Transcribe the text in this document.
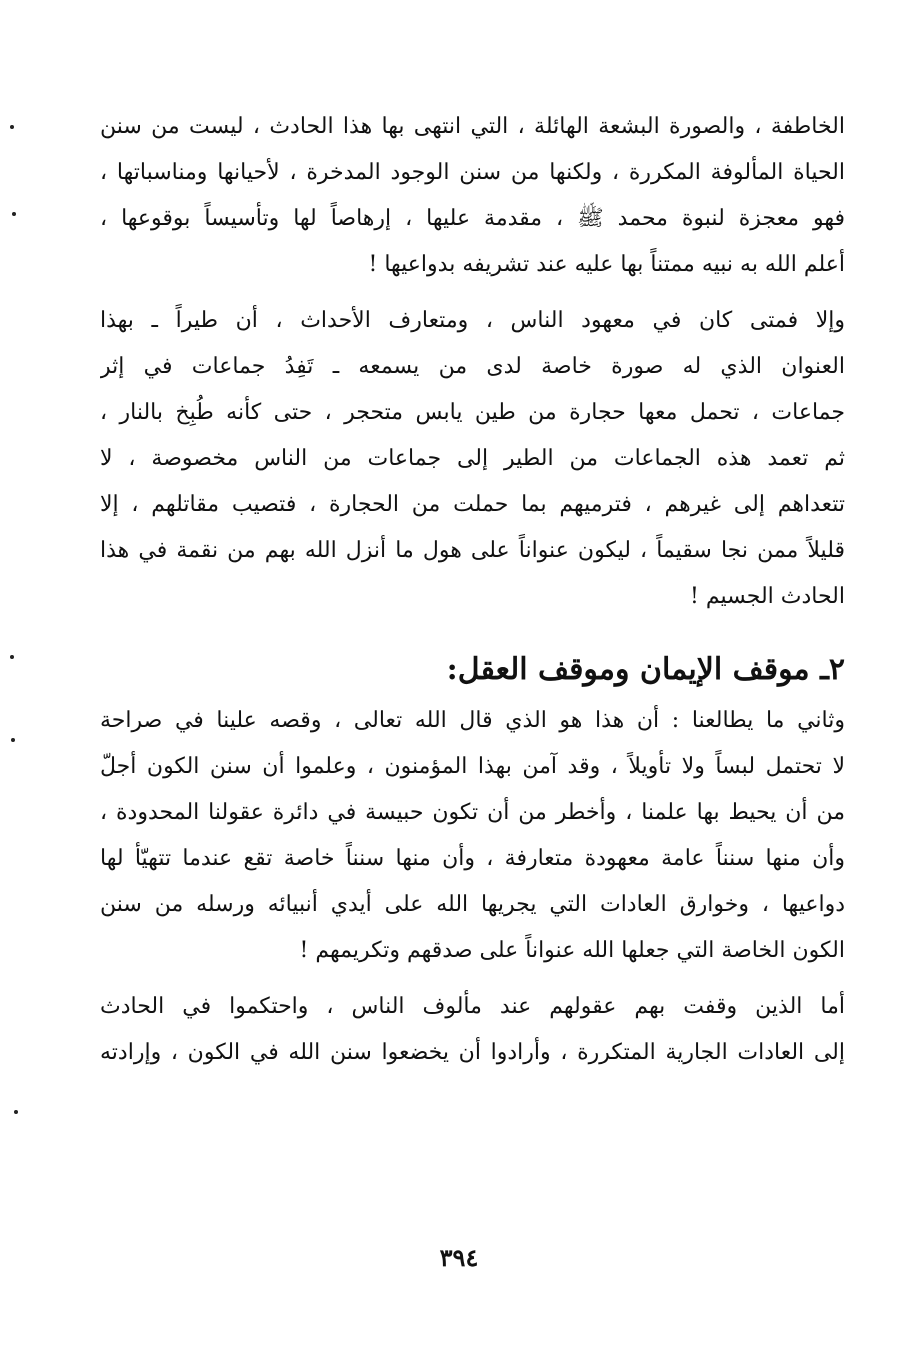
الخاطفة ، والصورة البشعة الهائلة ، التي انتهى بها هذا الحادث ، ليست من سنن
الحياة المألوفة المكررة ، ولكنها من سنن الوجود المدخرة ، لأحيانها ومناسباتها ،
فهو معجزة لنبوة محمد ﷺ ، مقدمة عليها ، إرهاصاً لها وتأسيساً بوقوعها ،
أعلم الله به نبيه ممتناً بها عليه عند تشريفه بدواعيها !
وإلا فمتى كان في معهود الناس ، ومتعارف الأحداث ، أن طيراً ـ بهذا
العنوان الذي له صورة خاصة لدى من يسمعه ـ تَفِدُ جماعات في إثر
جماعات ، تحمل معها حجارة من طين يابس متحجر ، حتى كأنه طُبِخ بالنار ،
ثم تعمد هذه الجماعات من الطير إلى جماعات من الناس مخصوصة ، لا
تتعداهم إلى غيرهم ، فترميهم بما حملت من الحجارة ، فتصيب مقاتلهم ، إلا
قليلاً ممن نجا سقيماً ، ليكون عنواناً على هول ما أنزل الله بهم من نقمة في هذا
الحادث الجسيم !
٢ـ موقف الإيمان وموقف العقل:
وثاني ما يطالعنا : أن هذا هو الذي قال الله تعالى ، وقصه علينا في صراحة
لا تحتمل لبساً ولا تأويلاً ، وقد آمن بهذا المؤمنون ، وعلموا أن سنن الكون أجلّ
من أن يحيط بها علمنا ، وأخطر من أن تكون حبيسة في دائرة عقولنا المحدودة ،
وأن منها سنناً عامة معهودة متعارفة ، وأن منها سنناً خاصة تقع عندما تتهيّأ لها
دواعيها ، وخوارق العادات التي يجريها الله على أيدي أنبيائه ورسله من سنن
الكون الخاصة التي جعلها الله عنواناً على صدقهم وتكريمهم !
أما الذين وقفت بهم عقولهم عند مألوف الناس ، واحتكموا في الحادث
إلى العادات الجارية المتكررة ، وأرادوا أن يخضعوا سنن الله في الكون ، وإرادته
٣٩٤
